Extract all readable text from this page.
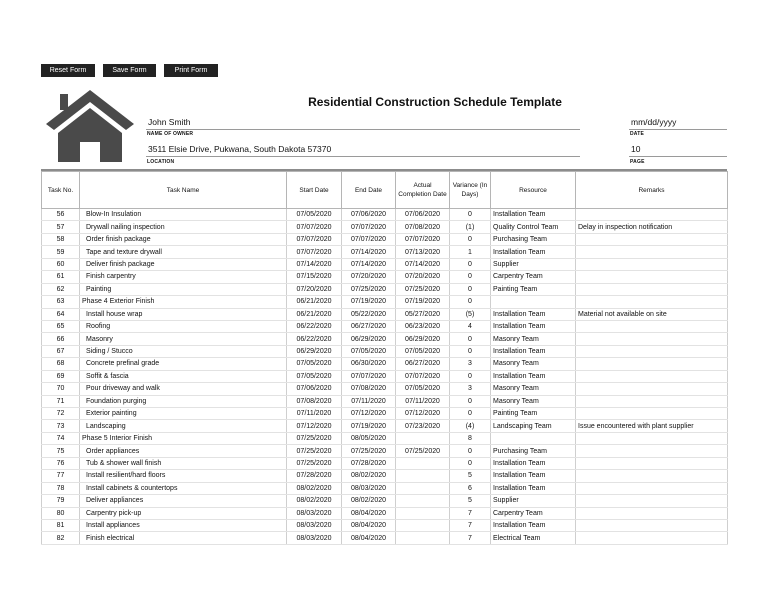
Reset Form	Save Form	Print Form
Residential Construction Schedule Template
John Smith
NAME OF OWNER
3511 Elsie Drive, Pukwana, South Dakota 57370
LOCATION
mm/dd/yyyy
DATE
10
PAGE
Task No.	Task Name	Start Date	End Date	Actual Completion Date	Variance (In Days)	Resource	Remarks
56	Blow-In Insulation	07/05/2020	07/06/2020	07/06/2020	0	Installation Team	
57	Drywall nailing inspection	07/07/2020	07/07/2020	07/08/2020	(1)	Quality Control Team	Delay in inspection notification
58	Order finish package	07/07/2020	07/07/2020	07/07/2020	0	Purchasing Team	
59	Tape and texture drywall	07/07/2020	07/14/2020	07/13/2020	1	Installation Team	
60	Deliver finish package	07/14/2020	07/14/2020	07/14/2020	0	Supplier	
61	Finish carpentry	07/15/2020	07/20/2020	07/20/2020	0	Carpentry Team	
62	Painting	07/20/2020	07/25/2020	07/25/2020	0	Painting Team	
63	Phase 4 Exterior Finish	06/21/2020	07/19/2020	07/19/2020	0		
64	Install house wrap	06/21/2020	05/22/2020	05/27/2020	(5)	Installation Team	Material not available on site
65	Roofing	06/22/2020	06/27/2020	06/23/2020	4	Installation Team	
66	Masonry	06/22/2020	06/29/2020	06/29/2020	0	Masonry Team	
67	Siding / Stucco	06/29/2020	07/05/2020	07/05/2020	0	Installation Team	
68	Concrete prefinal grade	07/05/2020	06/30/2020	06/27/2020	3	Masonry Team	
69	Soffit & fascia	07/05/2020	07/07/2020	07/07/2020	0	Installation Team	
70	Pour driveway and walk	07/06/2020	07/08/2020	07/05/2020	3	Masonry Team	
71	Foundation purging	07/08/2020	07/11/2020	07/11/2020	0	Masonry Team	
72	Exterior painting	07/11/2020	07/12/2020	07/12/2020	0	Painting Team	
73	Landscaping	07/12/2020	07/19/2020	07/23/2020	(4)	Landscaping Team	Issue encountered with plant supplier
74	Phase 5 Interior Finish	07/25/2020	08/05/2020		8		
75	Order appliances	07/25/2020	07/25/2020	07/25/2020	0	Purchasing Team	
76	Tub & shower wall finish	07/25/2020	07/28/2020		0	Installation Team	
77	Install resilient/hard floors	07/28/2020	08/02/2020		5	Installation Team	
78	Install cabinets & countertops	08/02/2020	08/03/2020		6	Installation Team	
79	Deliver appliances	08/02/2020	08/02/2020		5	Supplier	
80	Carpentry pick-up	08/03/2020	08/04/2020		7	Carpentry Team	
81	Install appliances	08/03/2020	08/04/2020		7	Installation Team	
82	Finish electrical	08/03/2020	08/04/2020		7	Electrical Team	
